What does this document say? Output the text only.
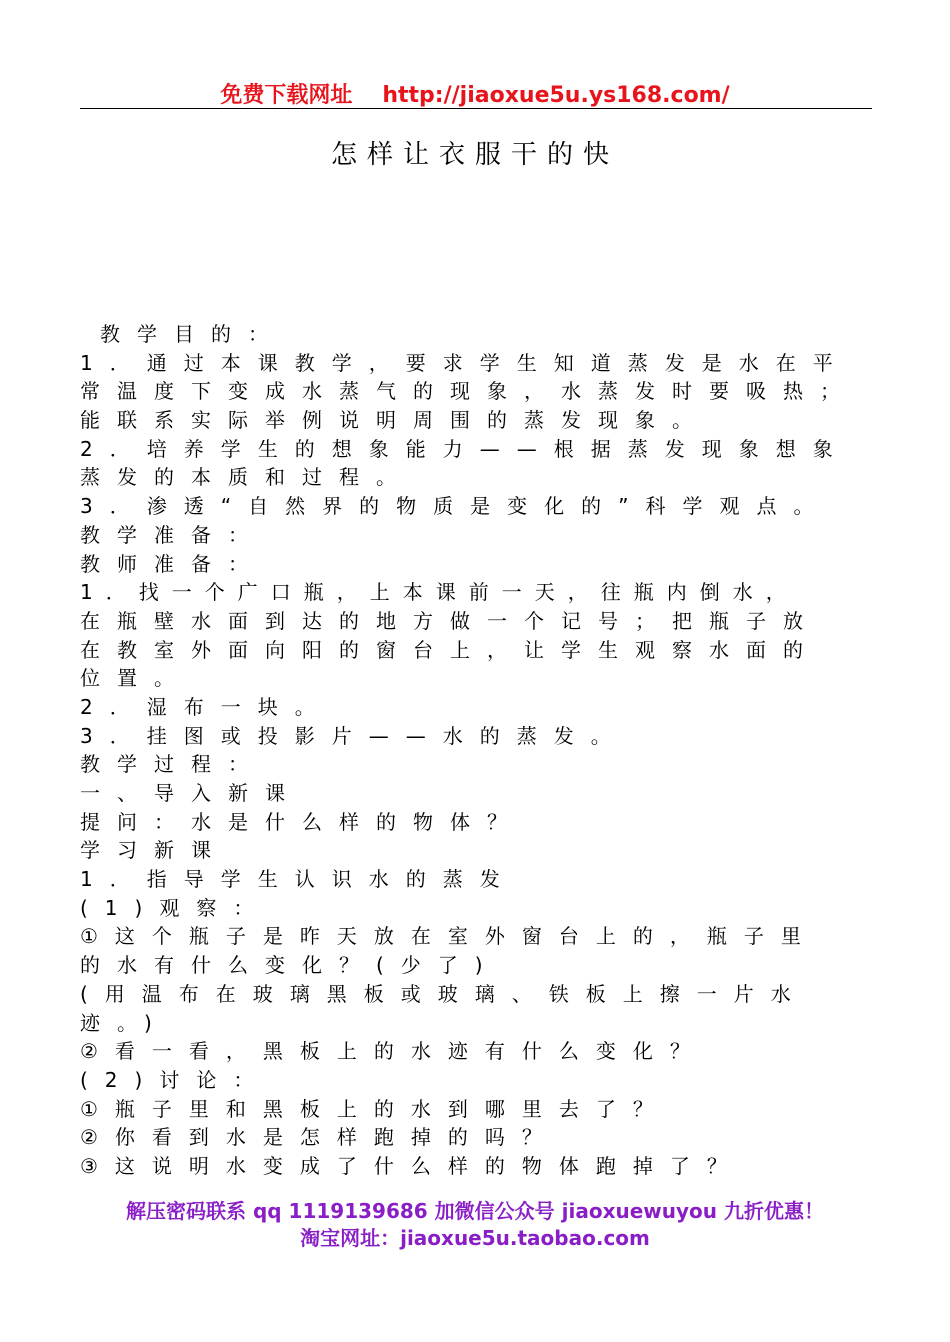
免费下载网址 http://jiaoxue5u.ys168.com/
怎样让衣服干的快
教学目的：
1．通过本课教学，要求学生知道蒸发是水在平
常温度下变成水蒸气的现象，水蒸发时要吸热；
能联系实际举例说明周围的蒸发现象。
2．培养学生的想象能力——根据蒸发现象想象
蒸发的本质和过程。
3．渗透“自然界的物质是变化的”科学观点。
教学准备：
教师准备：
1．找一个广口瓶，上本课前一天，往瓶内倒水，
在瓶壁水面到达的地方做一个记号；把瓶子放
在教室外面向阳的窗台上，让学生观察水面的
位置。
2．湿布一块。
3．挂图或投影片——水的蒸发。
教学过程：
一、导入新课
提问：水是什么样的物体？
学习新课
1．指导学生认识水的蒸发
(1)观察：
①这个瓶子是昨天放在室外窗台上的，瓶子里
的水有什么变化？(少了)
(用温布在玻璃黑板或玻璃、铁板上擦一片水
迹。)
②看一看，黑板上的水迹有什么变化？
(2)讨论：
①瓶子里和黑板上的水到哪里去了？
②你看到水是怎样跑掉的吗？
③这说明水变成了什么样的物体跑掉了？
解压密码联系 qq 1119139686 加微信公众号 jiaoxuewuyou 九折优惠！
淘宝网址：jiaoxue5u.taobao.com
